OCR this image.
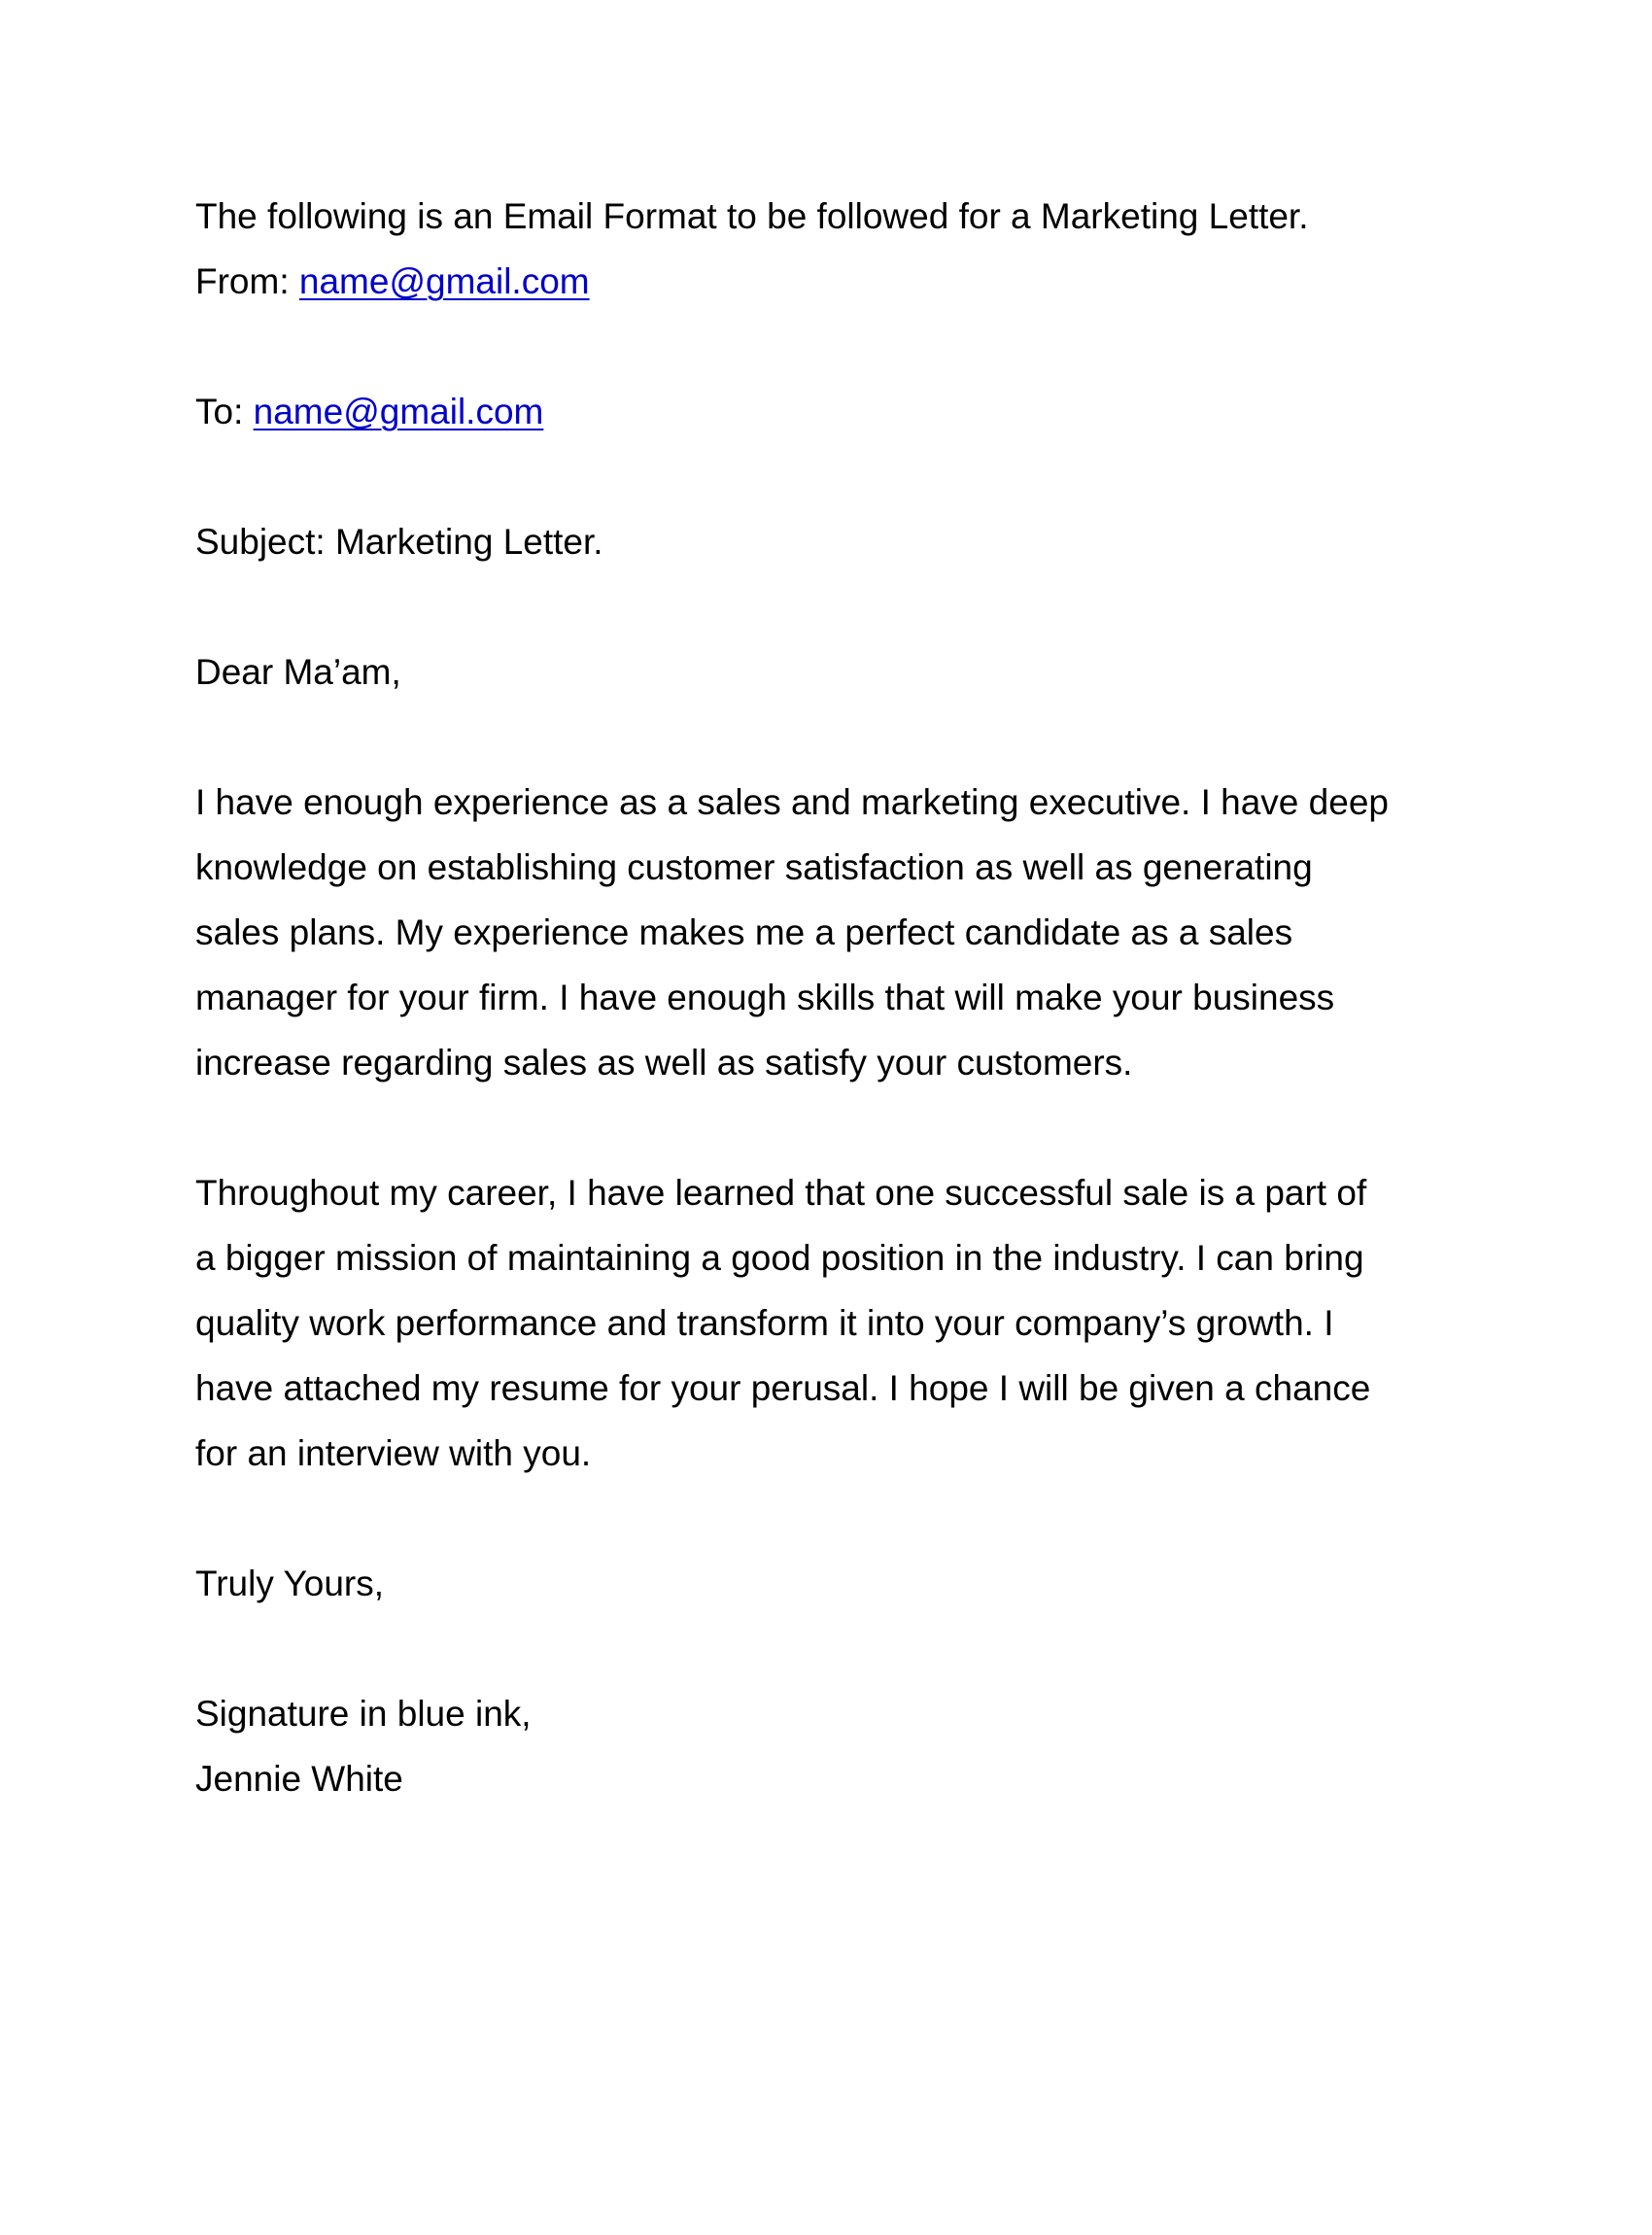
The following is an Email Format to be followed for a Marketing Letter.
From: name@gmail.com
To: name@gmail.com
Subject: Marketing Letter.
Dear Ma’am,
I have enough experience as a sales and marketing executive. I have deep
knowledge on establishing customer satisfaction as well as generating
sales plans. My experience makes me a perfect candidate as a sales
manager for your firm. I have enough skills that will make your business
increase regarding sales as well as satisfy your customers.
Throughout my career, I have learned that one successful sale is a part of
a bigger mission of maintaining a good position in the industry. I can bring
quality work performance and transform it into your company’s growth. I
have attached my resume for your perusal. I hope I will be given a chance
for an interview with you.
Truly Yours,
Signature in blue ink,
Jennie White
